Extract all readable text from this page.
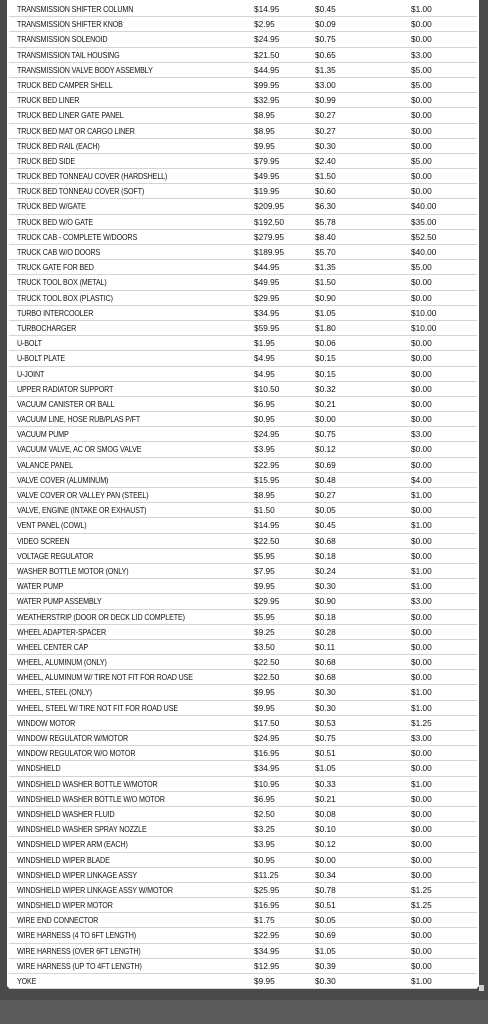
TRANSMISSION SHIFTER COLUMN	$14.95	$0.45	$1.00
TRANSMISSION SHIFTER KNOB	$2.95	$0.09	$0.00
TRANSMISSION SOLENOID	$24.95	$0.75	$0.00
TRANSMISSION TAIL HOUSING	$21.50	$0.65	$3.00
TRANSMISSION VALVE BODY ASSEMBLY	$44.95	$1.35	$5.00
TRUCK BED CAMPER SHELL	$99.95	$3.00	$5.00
TRUCK BED LINER	$32.95	$0.99	$0.00
TRUCK BED LINER GATE PANEL	$8.95	$0.27	$0.00
TRUCK BED MAT OR CARGO LINER	$8.95	$0.27	$0.00
TRUCK BED RAIL (EACH)	$9.95	$0.30	$0.00
TRUCK BED SIDE	$79.95	$2.40	$5.00
TRUCK BED TONNEAU COVER (HARDSHELL)	$49.95	$1.50	$0.00
TRUCK BED TONNEAU COVER (SOFT)	$19.95	$0.60	$0.00
TRUCK BED W/GATE	$209.95	$6.30	$40.00
TRUCK BED W/O GATE	$192.50	$5.78	$35.00
TRUCK CAB - COMPLETE W/DOORS	$279.95	$8.40	$52.50
TRUCK CAB W/O DOORS	$189.95	$5.70	$40.00
TRUCK GATE FOR BED	$44.95	$1.35	$5.00
TRUCK TOOL BOX (METAL)	$49.95	$1.50	$0.00
TRUCK TOOL BOX (PLASTIC)	$29.95	$0.90	$0.00
TURBO INTERCOOLER	$34.95	$1.05	$10.00
TURBOCHARGER	$59.95	$1.80	$10.00
U-BOLT	$1.95	$0.06	$0.00
U-BOLT PLATE	$4.95	$0.15	$0.00
U-JOINT	$4.95	$0.15	$0.00
UPPER RADIATOR SUPPORT	$10.50	$0.32	$0.00
VACUUM CANISTER OR BALL	$6.95	$0.21	$0.00
VACUUM LINE, HOSE RUB/PLAS P/FT	$0.95	$0.00	$0.00
VACUUM PUMP	$24.95	$0.75	$3.00
VACUUM VALVE, AC OR SMOG VALVE	$3.95	$0.12	$0.00
VALANCE PANEL	$22.95	$0.69	$0.00
VALVE COVER (ALUMINUM)	$15.95	$0.48	$4.00
VALVE COVER OR VALLEY PAN (STEEL)	$8.95	$0.27	$1.00
VALVE, ENGINE (INTAKE OR EXHAUST)	$1.50	$0.05	$0.00
VENT PANEL (COWL)	$14.95	$0.45	$1.00
VIDEO SCREEN	$22.50	$0.68	$0.00
VOLTAGE REGULATOR	$5.95	$0.18	$0.00
WASHER BOTTLE MOTOR (ONLY)	$7.95	$0.24	$1.00
WATER PUMP	$9.95	$0.30	$1.00
WATER PUMP ASSEMBLY	$29.95	$0.90	$3.00
WEATHERSTRIP (DOOR OR DECK LID COMPLETE)	$5.95	$0.18	$0.00
WHEEL ADAPTER-SPACER	$9.25	$0.28	$0.00
WHEEL CENTER CAP	$3.50	$0.11	$0.00
WHEEL, ALUMINUM (ONLY)	$22.50	$0.68	$0.00
WHEEL, ALUMINUM W/ TIRE NOT FIT FOR ROAD USE	$22.50	$0.68	$0.00
WHEEL, STEEL (ONLY)	$9.95	$0.30	$1.00
WHEEL, STEEL W/ TIRE NOT FIT FOR ROAD USE	$9.95	$0.30	$1.00
WINDOW MOTOR	$17.50	$0.53	$1.25
WINDOW REGULATOR W/MOTOR	$24.95	$0.75	$3.00
WINDOW REGULATOR W/O MOTOR	$16.95	$0.51	$0.00
WINDSHIELD	$34.95	$1.05	$0.00
WINDSHIELD WASHER BOTTLE W/MOTOR	$10.95	$0.33	$1.00
WINDSHIELD WASHER BOTTLE W/O MOTOR	$6.95	$0.21	$0.00
WINDSHIELD WASHER FLUID	$2.50	$0.08	$0.00
WINDSHIELD WASHER SPRAY NOZZLE	$3.25	$0.10	$0.00
WINDSHIELD WIPER ARM (EACH)	$3.95	$0.12	$0.00
WINDSHIELD WIPER BLADE	$0.95	$0.00	$0.00
WINDSHIELD WIPER LINKAGE ASSY	$11.25	$0.34	$0.00
WINDSHIELD WIPER LINKAGE ASSY W/MOTOR	$25.95	$0.78	$1.25
WINDSHIELD WIPER MOTOR	$16.95	$0.51	$1.25
WIRE END CONNECTOR	$1.75	$0.05	$0.00
WIRE HARNESS (4 TO 6FT LENGTH)	$22.95	$0.69	$0.00
WIRE HARNESS (OVER 6FT LENGTH)	$34.95	$1.05	$0.00
WIRE HARNESS (UP TO 4FT LENGTH)	$12.95	$0.39	$0.00
YOKE	$9.95	$0.30	$1.00
